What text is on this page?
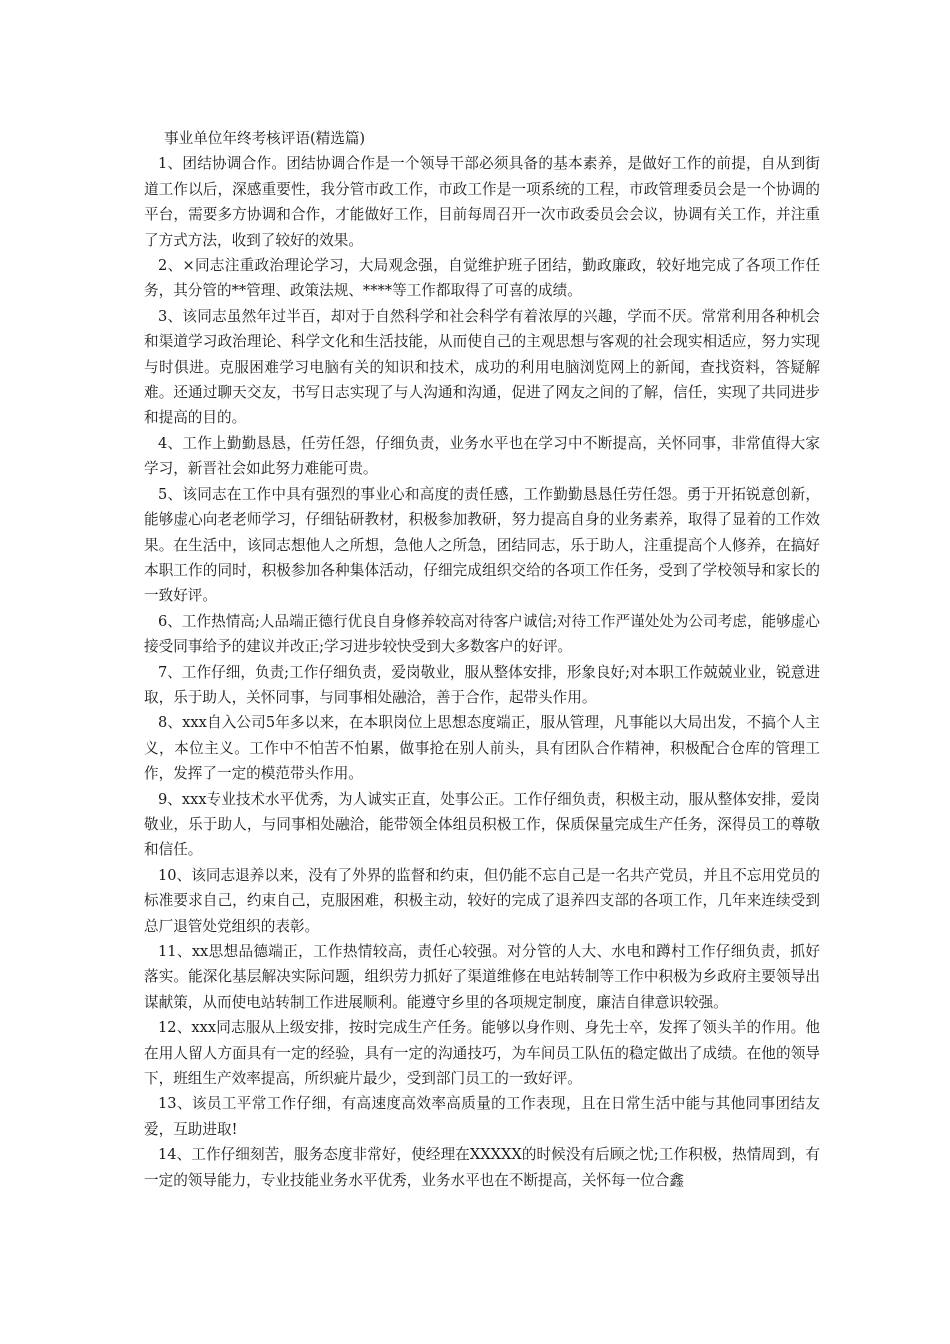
事业单位年终考核评语(精选篇)

1、团结协调合作。团结协调合作是一个领导干部必须具备的基本素养，是做好工作的前提，自从到街道工作以后，深感重要性，我分管市政工作，市政工作是一项系统的工程，市政管理委员会是一个协调的平台，需要多方协调和合作，才能做好工作，目前每周召开一次市政委员会会议，协调有关工作，并注重了方式方法，收到了较好的效果。

2、×同志注重政治理论学习，大局观念强，自觉维护班子团结，勤政廉政，较好地完成了各项工作任务，其分管的**管理、政策法规、****等工作都取得了可喜的成绩。

3、该同志虽然年过半百，却对于自然科学和社会科学有着浓厚的兴趣，学而不厌。常常利用各种机会和渠道学习政治理论、科学文化和生活技能，从而使自己的主观思想与客观的社会现实相适应，努力实现与时俱进。克服困难学习电脑有关的知识和技术，成功的利用电脑浏览网上的新闻，查找资料，答疑解难。还通过聊天交友，书写日志实现了与人沟通和沟通，促进了网友之间的了解，信任，实现了共同进步和提高的目的。

4、工作上勤勤恳恳，任劳任怨，仔细负责，业务水平也在学习中不断提高，关怀同事，非常值得大家学习，新晋社会如此努力难能可贵。

5、该同志在工作中具有强烈的事业心和高度的责任感，工作勤勤恳恳任劳任怨。勇于开拓锐意创新，能够虚心向老老师学习，仔细钻研教材，积极参加教研，努力提高自身的业务素养，取得了显着的工作效果。在生活中，该同志想他人之所想，急他人之所急，团结同志，乐于助人，注重提高个人修养，在搞好本职工作的同时，积极参加各种集体活动，仔细完成组织交给的各项工作任务，受到了学校领导和家长的一致好评。

6、工作热情高;人品端正德行优良自身修养较高对待客户诚信;对待工作严谨处处为公司考虑，能够虚心接受同事给予的建议并改正;学习进步较快受到大多数客户的好评。

7、工作仔细，负责;工作仔细负责，爱岗敬业，服从整体安排，形象良好;对本职工作兢兢业业，锐意进取，乐于助人，关怀同事，与同事相处融洽，善于合作，起带头作用。

8、xxx自入公司5年多以来，在本职岗位上思想态度端正，服从管理，凡事能以大局出发，不搞个人主义，本位主义。工作中不怕苦不怕累，做事抢在别人前头，具有团队合作精神，积极配合仓库的管理工作，发挥了一定的模范带头作用。

9、xxx专业技术水平优秀，为人诚实正直，处事公正。工作仔细负责，积极主动，服从整体安排，爱岗敬业，乐于助人，与同事相处融洽，能带领全体组员积极工作，保质保量完成生产任务，深得员工的尊敬和信任。

10、该同志退养以来，没有了外界的监督和约束，但仍能不忘自己是一名共产党员，并且不忘用党员的标准要求自己，约束自己，克服困难，积极主动，较好的完成了退养四支部的各项工作，几年来连续受到总厂退管处党组织的表彰。

11、xx思想品德端正，工作热情较高，责任心较强。对分管的人大、水电和蹲村工作仔细负责，抓好落实。能深化基层解决实际问题，组织劳力抓好了渠道维修在电站转制等工作中积极为乡政府主要领导出谋献策，从而使电站转制工作进展顺利。能遵守乡里的各项规定制度，廉洁自律意识较强。

12、xxx同志服从上级安排，按时完成生产任务。能够以身作则、身先士卒，发挥了领头羊的作用。他在用人留人方面具有一定的经验，具有一定的沟通技巧，为车间员工队伍的稳定做出了成绩。在他的领导下，班组生产效率提高，所织疵片最少，受到部门员工的一致好评。

13、该员工平常工作仔细，有高速度高效率高质量的工作表现，且在日常生活中能与其他同事团结友爱，互助进取!

14、工作仔细刻苦，服务态度非常好，使经理在XXXXX的时候没有后顾之忧;工作积极，热情周到，有一定的领导能力，专业技能业务水平优秀，业务水平也在不断提高，关怀每一位合鑫
